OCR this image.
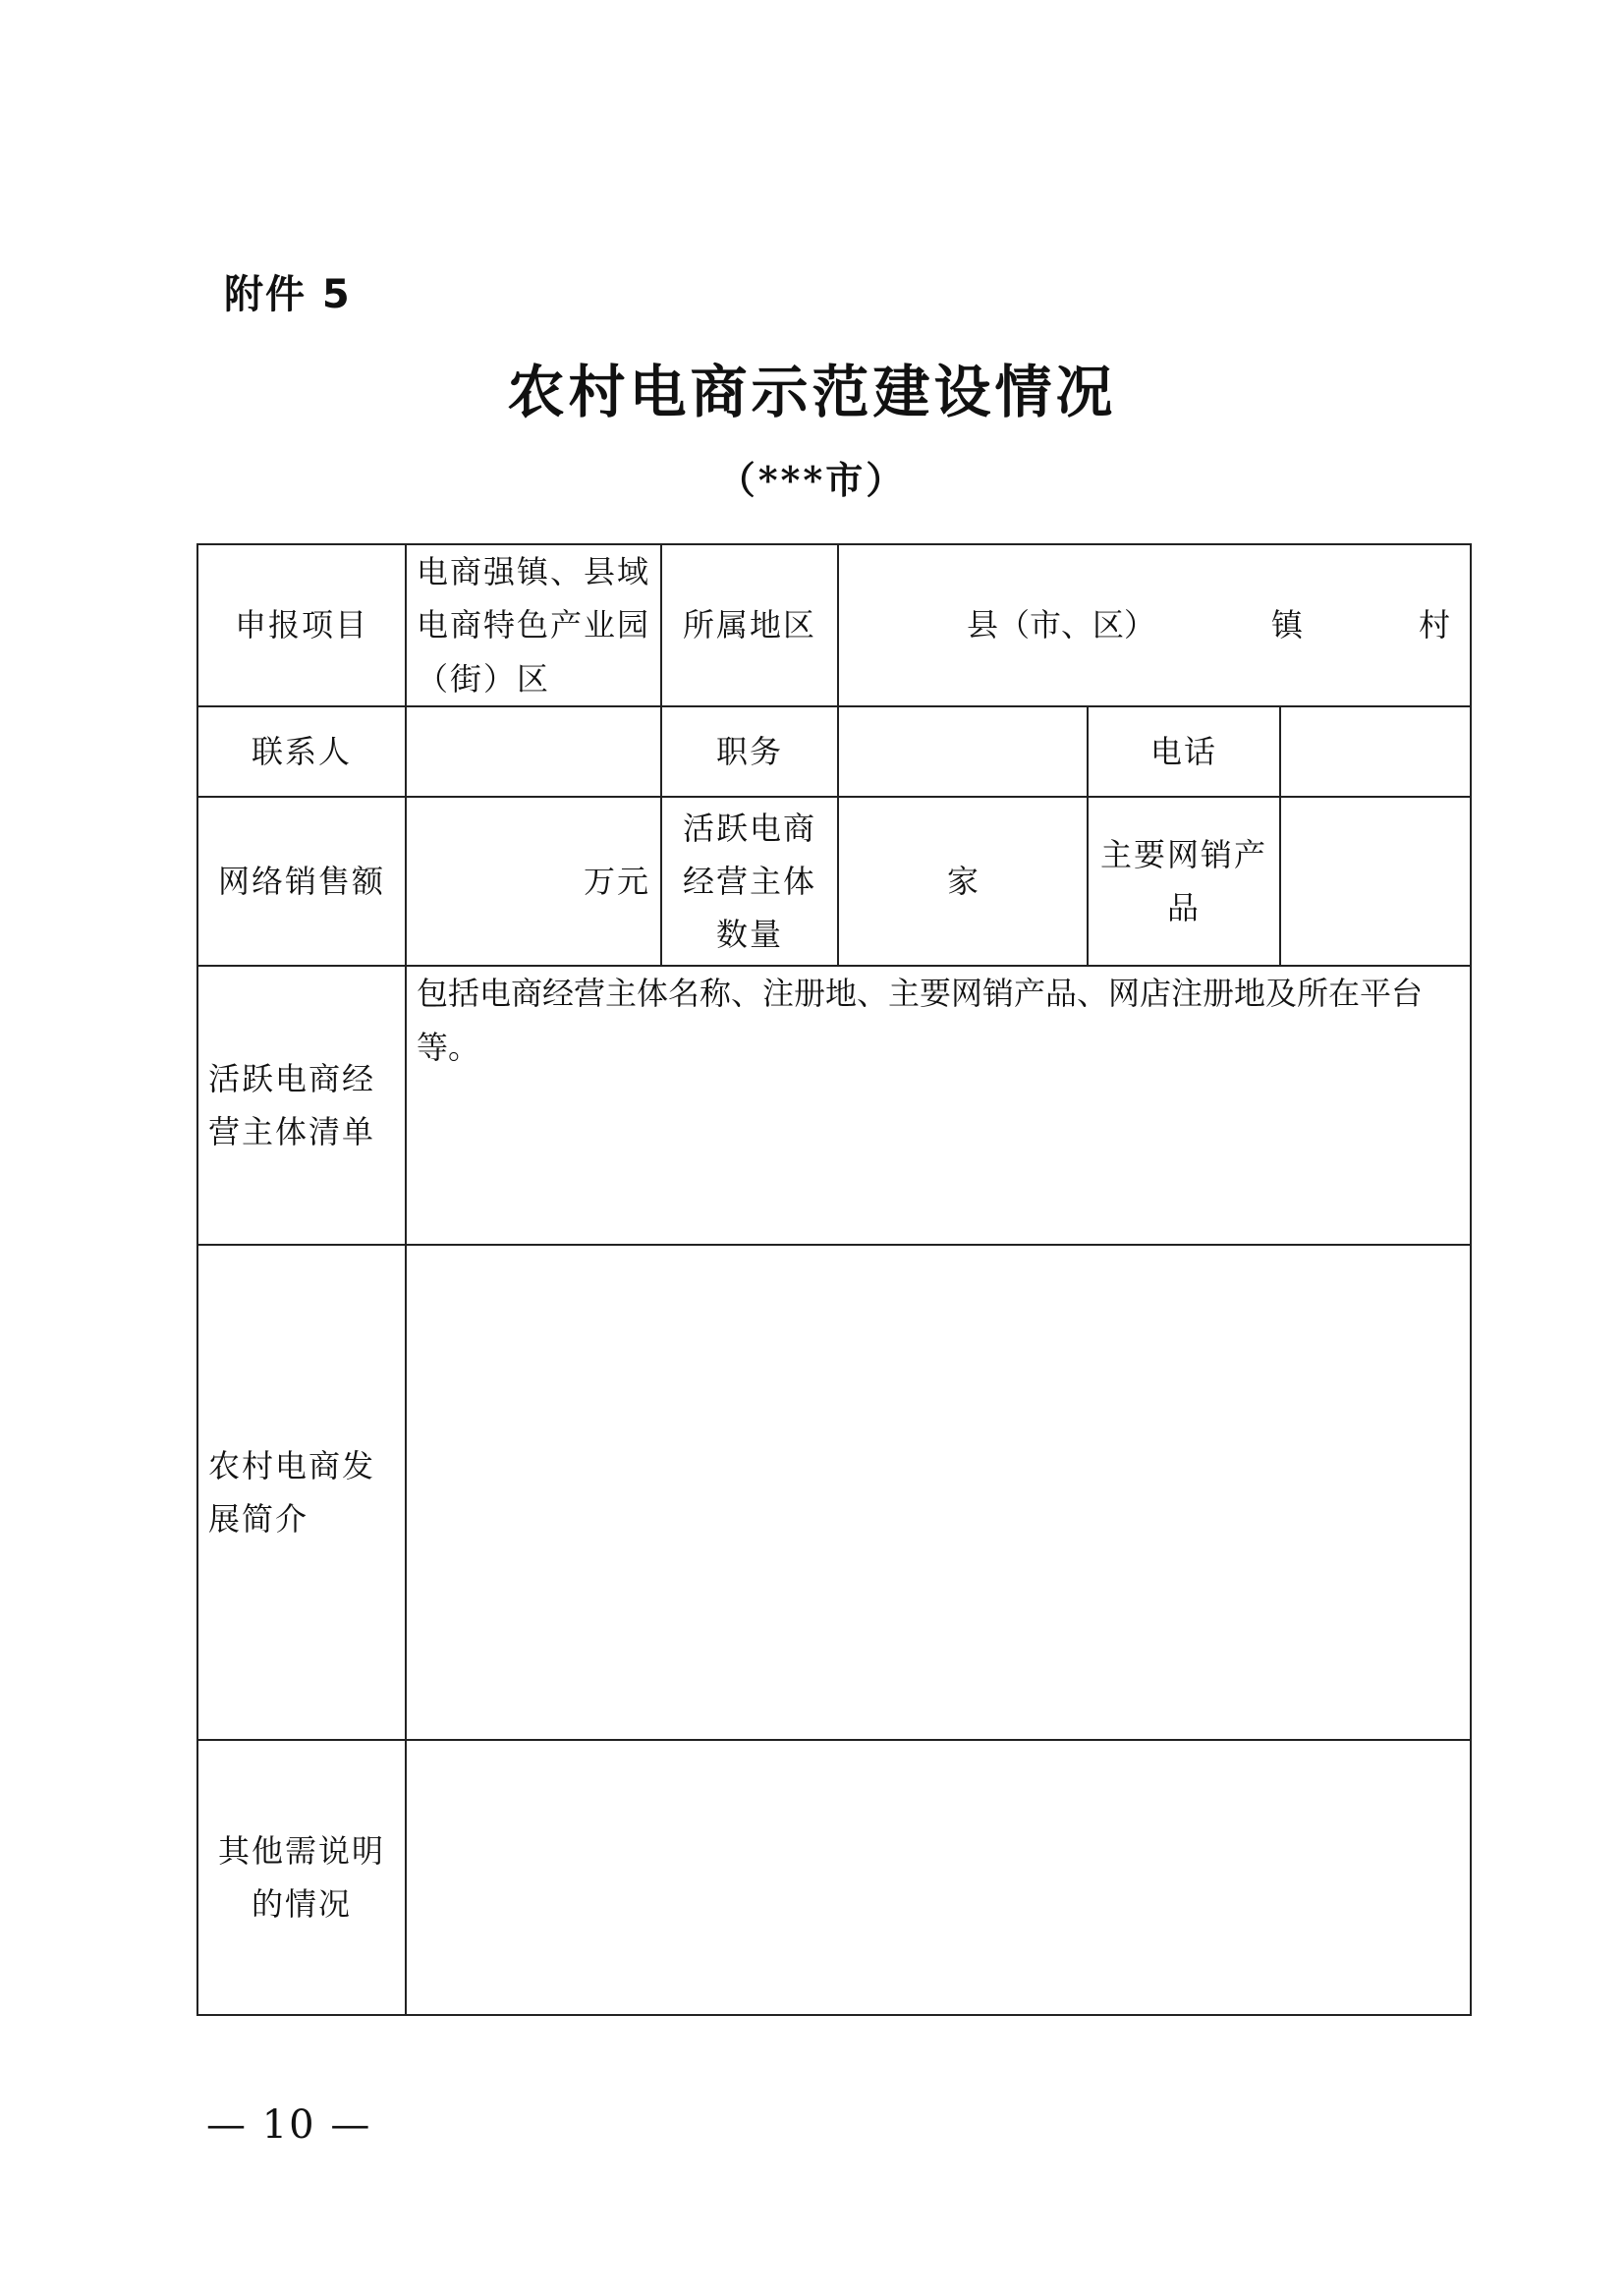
附件 5
农村电商示范建设情况
（***市）
申报项目	电商强镇、县域电商特色产业园（街）区	所属地区	县（市、区） 镇 村		

联系人		职务		电话	
网络销售额	万元	活跃电商经营主体数量	家	主要网销产品	
活跃电商经营主体清单	包括电商经营主体名称、注册地、主要网销产品、网店注册地及所在平台等。				
农村电商发展简介					
其他需说明的情况					
— 10 —
